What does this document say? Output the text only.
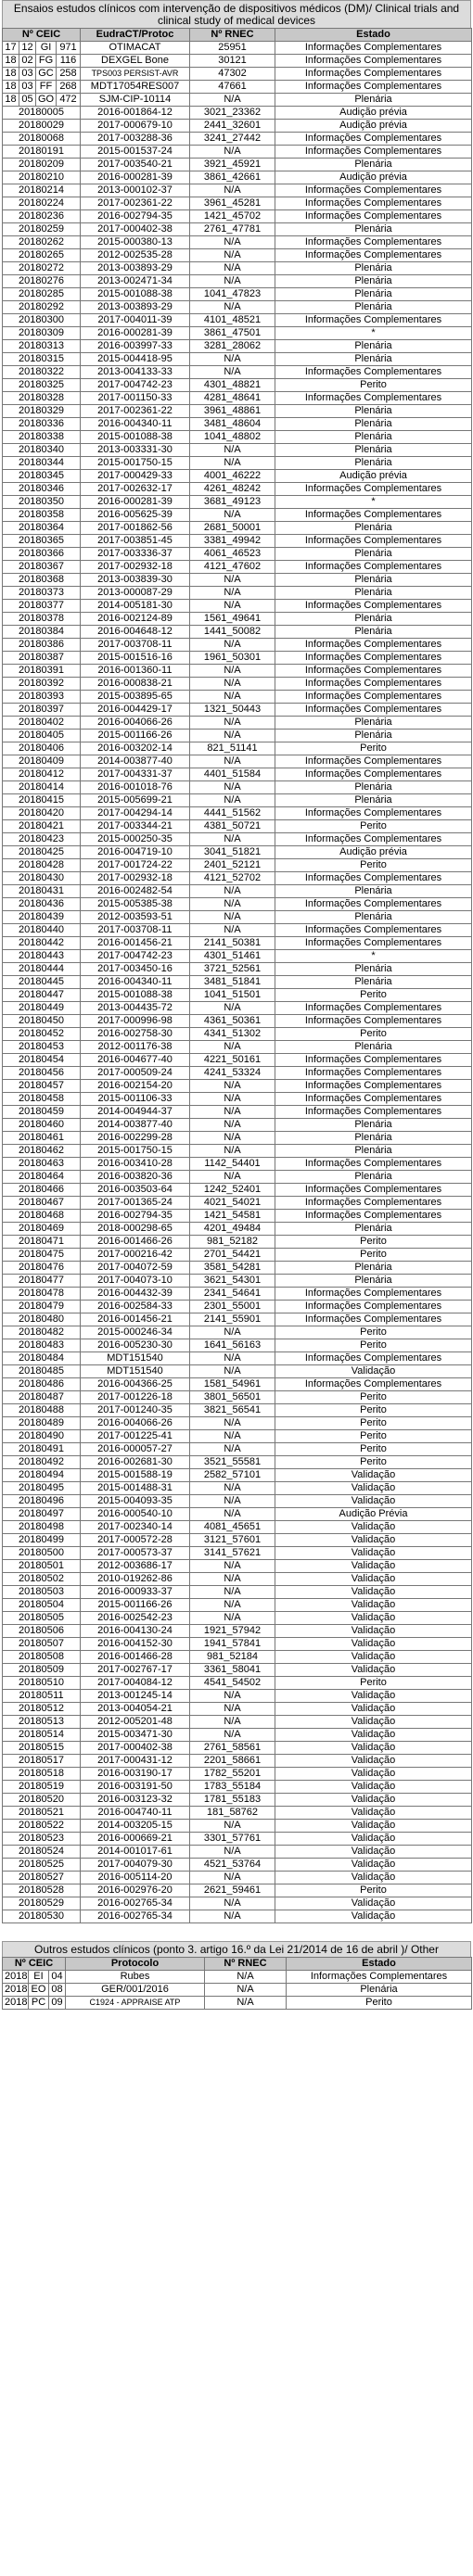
Ensaios estudos clínicos com intervenção de dispositivos médicos (DM)/ Clinical trials and clinical study of medical devices
Nº CEIC				EudraCT/Protoc	Nº RNEC	Estado
17	12	GI	971	OTIMACAT	25951	Informações Complementares
18	02	FG	116	DEXGEL Bone	30121	Informações Complementares
18	03	GC	258	TPS003 PERSIST-AVR	47302	Informações Complementares
18	03	FF	268	MDT17054RES007	47661	Informações Complementares
18	05	GO	472	SJM-CIP-10114	N/A	Plenária
20180005				2016-001864-12	3021_23362	Audição prévia
20180029				2017-000679-10	2441_32601	Audição prévia
20180068				2017-003288-36	3241_27442	Informações Complementares
20180191				2015-001537-24	N/A	Informações Complementares
20180209				2017-003540-21	3921_45921	Plenária
20180210				2016-000281-39	3861_42661	Audição prévia
20180214				2013-000102-37	N/A	Informações Complementares
20180224				2017-002361-22	3961_45281	Informações Complementares
20180236				2016-002794-35	1421_45702	Informações Complementares
20180259				2017-000402-38	2761_47781	Plenária
20180262				2015-000380-13	N/A	Informações Complementares
20180265				2012-002535-28	N/A	Informações Complementares
20180272				2013-003893-29	N/A	Plenária
20180276				2013-002471-34	N/A	Plenária
20180285				2015-001088-38	1041_47823	Plenária
20180292				2013-003893-29	N/A	Plenária
20180300				2017-004011-39	4101_48521	Informações Complementares
20180309				2016-000281-39	3861_47501	*
20180313				2016-003997-33	3281_28062	Plenária
20180315				2015-004418-95	N/A	Plenária
20180322				2013-004133-33	N/A	Informações Complementares
20180325				2017-004742-23	4301_48821	Perito
20180328				2017-001150-33	4281_48641	Informações Complementares
20180329				2017-002361-22	3961_48861	Plenária
20180336				2016-004340-11	3481_48604	Plenária
20180338				2015-001088-38	1041_48802	Plenária
20180340				2013-003331-30	N/A	Plenária
20180344				2015-001750-15	N/A	Plenária
20180345				2017-000429-33	4001_46222	Audição prévia
20180346				2017-002632-17	4261_48242	Informações Complementares
20180350				2016-000281-39	3681_49123	*
20180358				2016-005625-39	N/A	Informações Complementares
20180364				2017-001862-56	2681_50001	Plenária
20180365				2017-003851-45	3381_49942	Informações Complementares
20180366				2017-003336-37	4061_46523	Plenária
20180367				2017-002932-18	4121_47602	Informações Complementares
20180368				2013-003839-30	N/A	Plenária
20180373				2013-000087-29	N/A	Plenária
20180377				2014-005181-30	N/A	Informações Complementares
20180378				2016-002124-89	1561_49641	Plenária
20180384				2016-004648-12	1441_50082	Plenária
20180386				2017-003708-11	N/A	Informações Complementares
20180387				2015-001516-16	1961_50301	Informações Complementares
20180391				2016-001360-11	N/A	Informações Complementares
20180392				2016-000838-21	N/A	Informações Complementares
20180393				2015-003895-65	N/A	Informações Complementares
20180397				2016-004429-17	1321_50443	Informações Complementares
20180402				2016-004066-26	N/A	Plenária
20180405				2015-001166-26	N/A	Plenária
20180406				2016-003202-14	821_51141	Perito
20180409				2014-003877-40	N/A	Informações Complementares
20180412				2017-004331-37	4401_51584	Informações Complementares
20180414				2016-001018-76	N/A	Plenária
20180415				2015-005699-21	N/A	Plenária
20180420				2017-004294-14	4441_51562	Informações Complementares
20180421				2017-003344-21	4381_50721	Perito
20180423				2015-000250-35	N/A	Informações Complementares
20180425				2016-004719-10	3041_51821	Audição prévia
20180428				2017-001724-22	2401_52121	Perito
20180430				2017-002932-18	4121_52702	Informações Complementares
20180431				2016-002482-54	N/A	Plenária
20180436				2015-005385-38	N/A	Informações Complementares
20180439				2012-003593-51	N/A	Plenária
20180440				2017-003708-11	N/A	Informações Complementares
20180442				2016-001456-21	2141_50381	Informações Complementares
20180443				2017-004742-23	4301_51461	*
20180444				2017-003450-16	3721_52561	Plenária
20180445				2016-004340-11	3481_51841	Plenária
20180447				2015-001088-38	1041_51501	Perito
20180449				2013-004435-72	N/A	Informações Complementares
20180450				2017-000996-98	4361_50361	Informações Complementares
20180452				2016-002758-30	4341_51302	Perito
20180453				2012-001176-38	N/A	Plenária
20180454				2016-004677-40	4221_50161	Informações Complementares
20180456				2017-000509-24	4241_53324	Informações Complementares
20180457				2016-002154-20	N/A	Informações Complementares
20180458				2015-001106-33	N/A	Informações Complementares
20180459				2014-004944-37	N/A	Informações Complementares
20180460				2014-003877-40	N/A	Plenária
20180461				2016-002299-28	N/A	Plenária
20180462				2015-001750-15	N/A	Plenária
20180463				2016-003410-28	1142_54401	Informações Complementares
20180464				2016-003820-36	N/A	Plenária
20180466				2016-003503-64	1242_52401	Informações Complementares
20180467				2017-001365-24	4021_54021	Informações Complementares
20180468				2016-002794-35	1421_54581	Informações Complementares
20180469				2018-000298-65	4201_49484	Plenária
20180471				2016-001466-26	981_52182	Perito
20180475				2017-000216-42	2701_54421	Perito
20180476				2017-004072-59	3581_54281	Plenária
20180477				2017-004073-10	3621_54301	Plenária
20180478				2016-004432-39	2341_54641	Informações Complementares
20180479				2016-002584-33	2301_55001	Informações Complementares
20180480				2016-001456-21	2141_55901	Informações Complementares
20180482				2015-000246-34	N/A	Perito
20180483				2016-005230-30	1641_56163	Perito
20180484				MDT151540	N/A	Informações Complementares
20180485				MDT151540	N/A	Validação
20180486				2016-004366-25	1581_54961	Informações Complementares
20180487				2017-001226-18	3801_56501	Perito
20180488				2017-001240-35	3821_56541	Perito
20180489				2016-004066-26	N/A	Perito
20180490				2017-001225-41	N/A	Perito
20180491				2016-000057-27	N/A	Perito
20180492				2016-002681-30	3521_55581	Perito
20180494				2015-001588-19	2582_57101	Validação
20180495				2015-001488-31	N/A	Validação
20180496				2015-004093-35	N/A	Validação
20180497				2016-000540-10	N/A	Audição Prévia
20180498				2017-002340-14	4081_45651	Validação
20180499				2017-000572-28	3121_57601	Validação
20180500				2017-000573-37	3141_57621	Validação
20180501				2012-003686-17	N/A	Validação
20180502				2010-019262-86	N/A	Validação
20180503				2016-000933-37	N/A	Validação
20180504				2015-001166-26	N/A	Validação
20180505				2016-002542-23	N/A	Validação
20180506				2016-004130-24	1921_57942	Validação
20180507				2016-004152-30	1941_57841	Validação
20180508				2016-001466-28	981_52184	Validação
20180509				2017-002767-17	3361_58041	Validação
20180510				2017-004084-12	4541_54502	Perito
20180511				2013-001245-14	N/A	Validação
20180512				2013-004054-21	N/A	Validação
20180513				2012-005201-48	N/A	Validação
20180514				2015-003471-30	N/A	Validação
20180515				2017-000402-38	2761_58561	Validação
20180517				2017-000431-12	2201_58661	Validação
20180518				2016-003190-17	1782_55201	Validação
20180519				2016-003191-50	1783_55184	Validação
20180520				2016-003123-32	1781_55183	Validação
20180521				2016-004740-11	181_58762	Validação
20180522				2014-003205-15	N/A	Validação
20180523				2016-000669-21	3301_57761	Validação
20180524				2014-001017-61	N/A	Validação
20180525				2017-004079-30	4521_53764	Validação
20180527				2016-005114-20	N/A	Validação
20180528				2016-002976-20	2621_59461	Perito
20180529				2016-002765-34	N/A	Validação
20180530				2016-002765-34	N/A	Validação
Outros estudos clínicos (ponto 3. artigo 16.º da Lei 21/2014 de 16 de abril )/ Other
Nº CEIC			Protocolo	Nº RNEC	Estado
2018	EI	04	Rubes	N/A	Informações Complementares
2018	EO	08	GER/001/2016	N/A	Plenária
2018	PC	09	C1924 - APPRAISE ATP	N/A	Perito
